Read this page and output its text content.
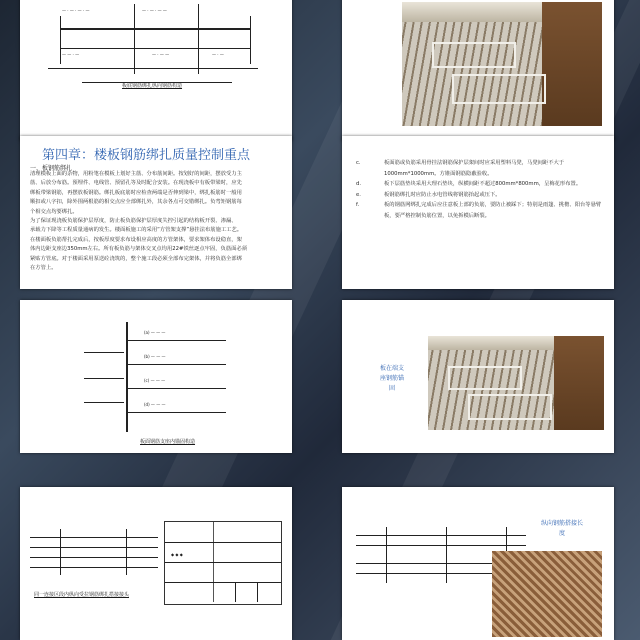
— · — · — · —	— · — · — —
— — · —	— · — —	— · —
板底钢筋绑扎纵向钢筋构造
第四章：楼板钢筋绑扎质量控制重点
一、板钢筋绑扎

清理模板上面的杂物，用粉笔在模板上划好主筋、分布筋间距。按划好的间距，摆放受力主

筋、后放分布筋。预埋件、电线管、预留孔等及时配合安装。在现浇板中有板带梁时，应先

绑板带梁钢筋，再摆放板钢筋。绑扎板底筋时应检查两端是否伸到梁中，绑扎板筋时一般用

顺扣或八字扣，除外围两根筋的相交点应全部绑扎外，其余各点可交错绑扎。负弯矩钢筋每

个相交点均要绑扎。

为了保证现浇板负筋保护层厚度，防止板负筋保护层厚度失控引起的结构板开裂、渗漏、

承载力下降等工程质量通病的发生。楼面板施工的采用“方管架支撑”悬挂法布筋施工工艺。

在楼面板负筋帮扎完成后，按板厚度要求布设相应高度的方管架体，要求架体布设稳直，架

体内边距支座边350mm左右。所有板负筋与架体交叉点均用22#铁丝逐点牢固，负筋面必须

紧贴方管底。对于楼面采用泵送砼浇筑的，整个施工段必须全部布完架体，并将负筋全部绑

在方管上。

c.	板面筋或负筋采用骨挂法钢筋保护层架间时应采用塑料马凳，马凳间距不大于1000mm*1000mm。方锥面钢筋隐蔽验收。
d.	板下层筋垫块采用大理石垫块，纵横间距不超过800mm*800mm，呈梅花形布置。
e.	板钢筋绑扎时应防止水电管线将钢筋抬起或压下。
f.	板的钢筋网绑扎完成后应注意板上部的负筋，要防止被踩下；特别是雨篷、挑檐、阳台等悬臂板，要严格控制负筋位置，以免拆模后断裂。
(a) — — —
(b) — — —
(c) — — —
(d) — — —
板面钢筋支座内锚固构造
板在端支座钢筋锚固
同一连接区段内纵向受拉钢筋绑扎搭接接头
◆ ◆ ◆
纵向钢筋搭接长度
